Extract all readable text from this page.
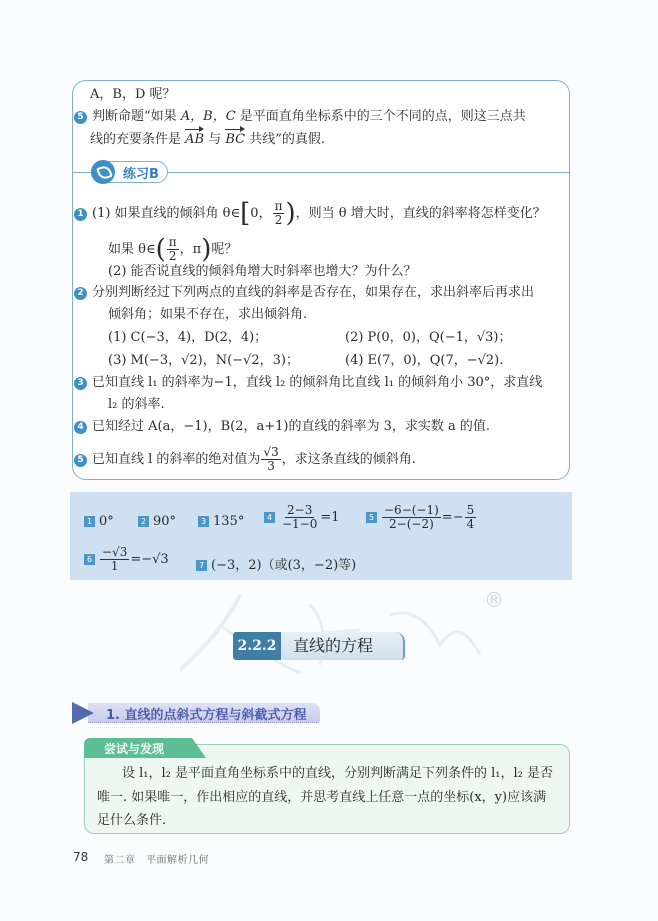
A，B，D 呢？
5 判断命题“如果 A，B，C 是平面直角坐标系中的三个不同的点，则这三点共
线的充要条件是 AB 与 BC 共线”的真假.
练习B
1 (1) 如果直线的倾斜角 θ∈[0， $\frac{\pi}{2}$ )，则当 θ 增大时，直线的斜率将怎样变化？
如果 θ∈( $\frac{\pi}{2}$ ，π)呢？
(2) 能否说直线的倾斜角增大时斜率也增大？为什么？
2 分别判断经过下列两点的直线的斜率是否存在，如果存在，求出斜率后再求出
倾斜角；如果不存在，求出倾斜角.
(1) C(−3，4)，D(2，4)；	(2) P(0，0)，Q(−1，√3)；
(3) M(−3，√2)，N(−√2，3)；	(4) E(7，0)，Q(7，−√2).
3 已知直线 l₁ 的斜率为−1，直线 l₂ 的倾斜角比直线 l₁ 的倾斜角小 30°，求直线
l₂ 的斜率.
4 已知经过 A(a，−1)，B(2，a+1)的直线的斜率为 3，求实数 a 的值.
5 已知直线 l 的斜率的绝对值为 $\frac{√3}{3}$ ，求这条直线的倾斜角.
1 0°	2 90°	3 135°	$4 \frac{2-3}{-1-0} =1$	$5 \frac{-6-(-1)}{2-(-2)} =- \frac{5}{4}$
$6 \frac{-√3}{1} =-√3$	7 (−3，2)（或(3，−2)等)
®
2.2.2	直线的方程
1. 直线的点斜式方程与斜截式方程
尝试与发现
设 l₁，l₂ 是平面直角坐标系中的直线，分别判断满足下列条件的 l₁，l₂ 是否
唯一. 如果唯一，作出相应的直线，并思考直线上任意一点的坐标(x，y)应该满
足什么条件.
78 第二章　平面解析几何
